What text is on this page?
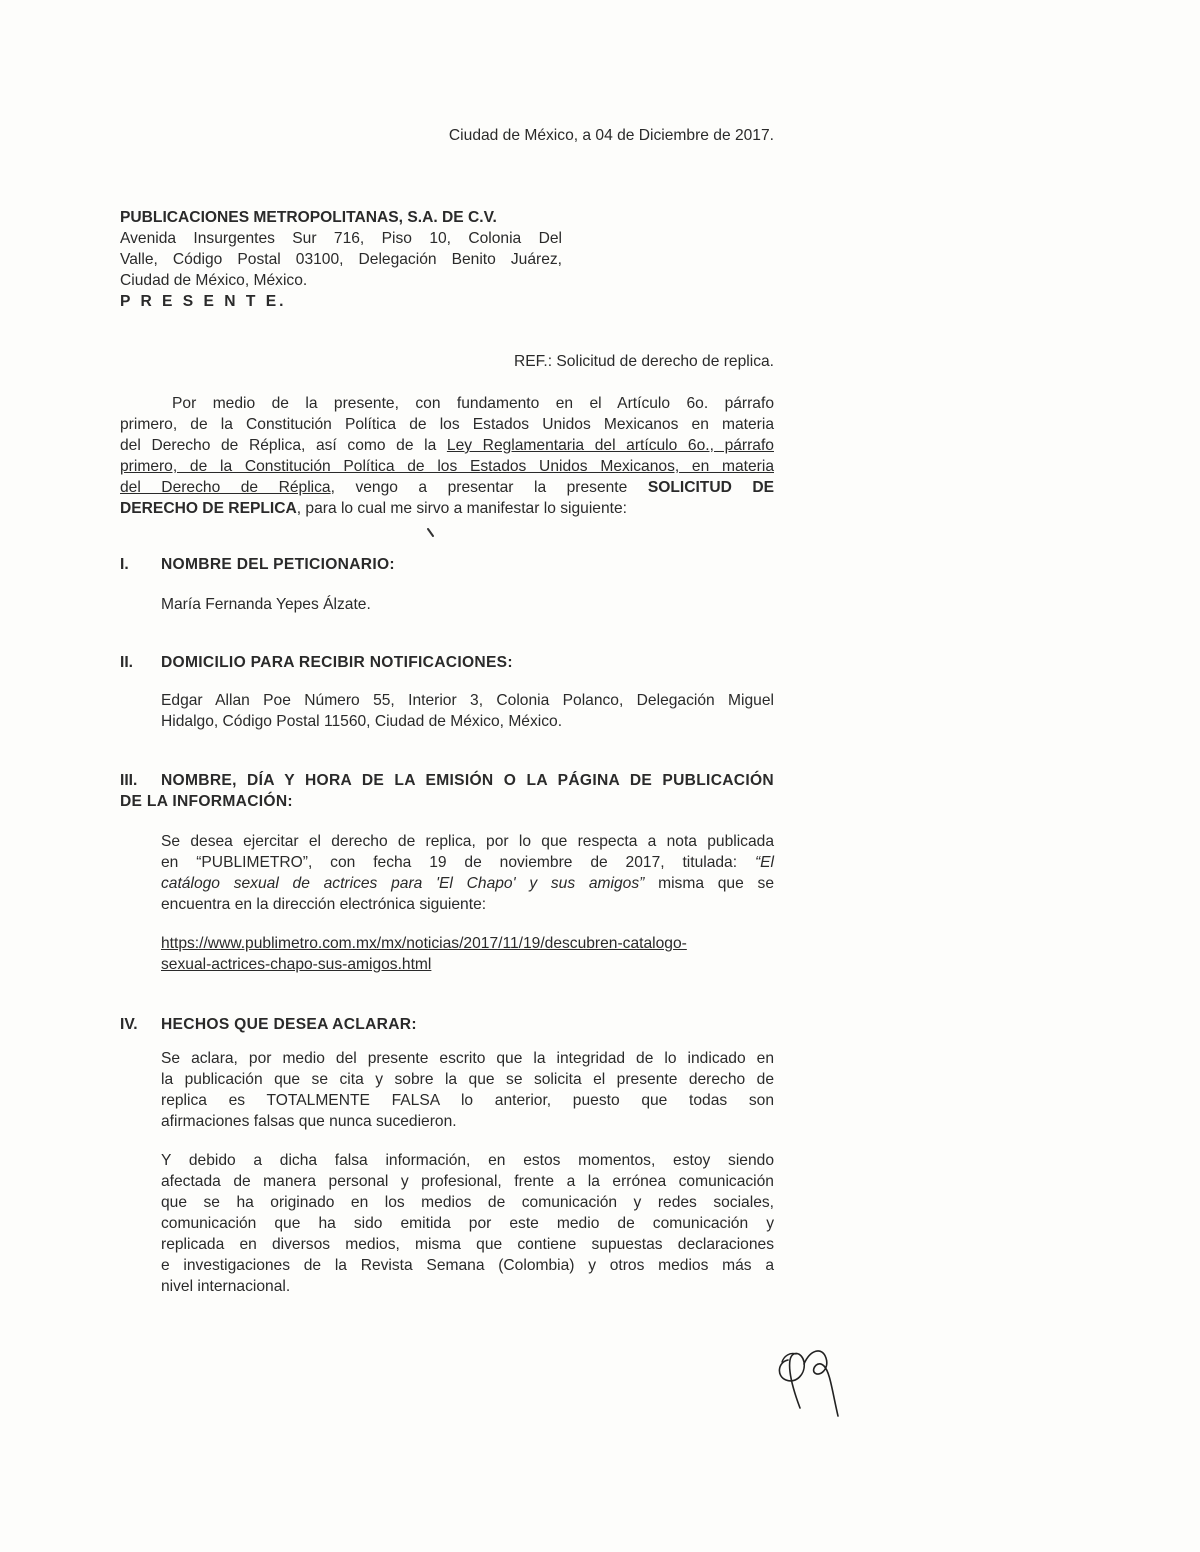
Ciudad de México, a 04 de Diciembre de 2017.

PUBLICACIONES METROPOLITANAS, S.A. DE C.V.
Avenida Insurgentes Sur 716, Piso 10, Colonia Del
Valle, Código Postal 03100, Delegación Benito Juárez,
Ciudad de México, México.
P R E S E N T E.

REF.: Solicitud de derecho de replica.

Por medio de la presente, con fundamento en el Artículo 6o. párrafo
primero, de la Constitución Política de los Estados Unidos Mexicanos en materia
del Derecho de Réplica, así como de la Ley Reglamentaria del artículo 6o., párrafo
primero, de la Constitución Política de los Estados Unidos Mexicanos, en materia
del Derecho de Réplica, vengo a presentar la presente SOLICITUD DE
DERECHO DE REPLICA, para lo cual me sirvo a manifestar lo siguiente:
I. NOMBRE DEL PETICIONARIO:

María Fernanda Yepes Álzate.

II. DOMICILIO PARA RECIBIR NOTIFICACIONES:
Edgar Allan Poe Número 55, Interior 3, Colonia Polanco, Delegación Miguel
Hidalgo, Código Postal 11560, Ciudad de México, México.
III. NOMBRE, DÍA Y HORA DE LA EMISIÓN O LA PÁGINA DE PUBLICACIÓN
DE LA INFORMACIÓN:
Se desea ejercitar el derecho de replica, por lo que respecta a nota publicada
en “PUBLIMETRO”, con fecha 19 de noviembre de 2017, titulada: “El
catálogo sexual de actrices para 'El Chapo' y sus amigos” misma que se
encuentra en la dirección electrónica siguiente:
https://www.publimetro.com.mx/mx/noticias/2017/11/19/descubren-catalogo-
sexual-actrices-chapo-sus-amigos.html
IV. HECHOS QUE DESEA ACLARAR:
Se aclara, por medio del presente escrito que la integridad de lo indicado en
la publicación que se cita y sobre la que se solicita el presente derecho de
replica es TOTALMENTE FALSA lo anterior, puesto que todas son
afirmaciones falsas que nunca sucedieron.
Y debido a dicha falsa información, en estos momentos, estoy siendo
afectada de manera personal y profesional, frente a la errónea comunicación
que se ha originado en los medios de comunicación y redes sociales,
comunicación que ha sido emitida por este medio de comunicación y
replicada en diversos medios, misma que contiene supuestas declaraciones
e investigaciones de la Revista Semana (Colombia) y otros medios más a
nivel internacional.
